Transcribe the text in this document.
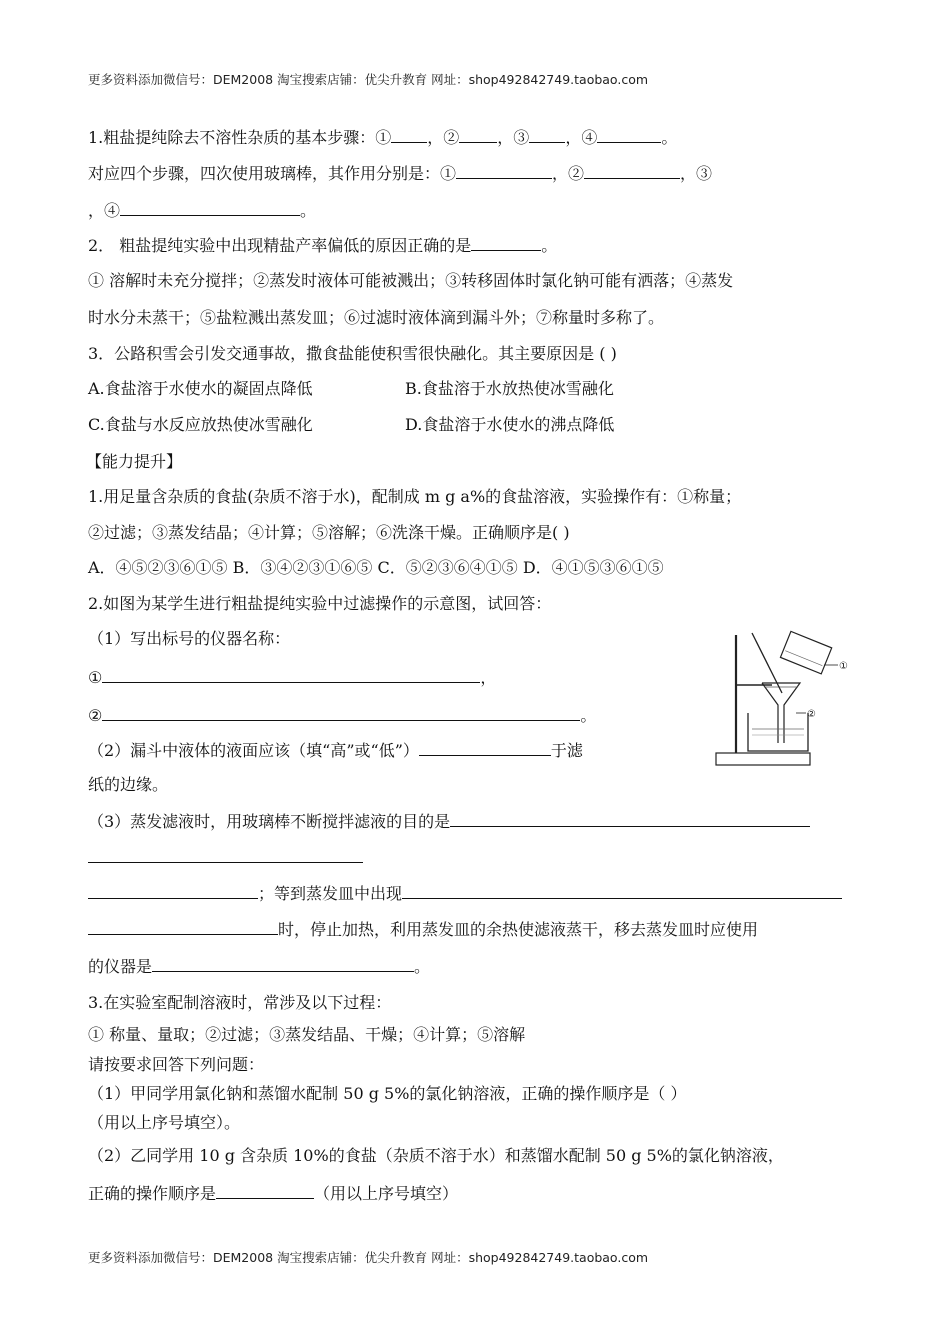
更多资料添加微信号：DEM2008 淘宝搜索店铺：优尖升教育 网址：shop492842749.taobao.com
1.粗盐提纯除去不溶性杂质的基本步骤：① ，② ，③ ，④	。
对应四个步骤，四次使用玻璃棒，其作用分别是：①	，②	，③
，④	。
2． 粗盐提纯实验中出现精盐产率偏低的原因正确的是	。
① 溶解时未充分搅拌；②蒸发时液体可能被溅出；③转移固体时氯化钠可能有洒落；④蒸发
时水分未蒸干；⑤盐粒溅出蒸发皿；⑥过滤时液体滴到漏斗外；⑦称量时多称了。
3．公路积雪会引发交通事故，撒食盐能使积雪很快融化。其主要原因是 ( )
A.食盐溶于水使水的凝固点降低	B.食盐溶于水放热使冰雪融化
C.食盐与水反应放热使冰雪融化	D.食盐溶于水使水的沸点降低
【能力提升】
1.用足量含杂质的食盐(杂质不溶于水)，配制成 m g a%的食盐溶液，实验操作有：①称量；
②过滤；③蒸发结晶；④计算；⑤溶解；⑥洗涤干燥。正确顺序是( )
A．④⑤②③⑥①⑤ B．③④②③①⑥⑤ C．⑤②③⑥④①⑤ D．④①⑤③⑥①⑤
2.如图为某学生进行粗盐提纯实验中过滤操作的示意图，试回答：
（1）写出标号的仪器名称：
①	，
②	。
（2）漏斗中液体的液面应该（填“高”或“低”）	于滤
纸的边缘。
（3）蒸发滤液时，用玻璃棒不断搅拌滤液的目的是
；等到蒸发皿中出现
时，停止加热，利用蒸发皿的余热使滤液蒸干，移去蒸发皿时应使用
的仪器是	。
①
②
3.在实验室配制溶液时，常涉及以下过程：
① 称量、量取；②过滤；③蒸发结晶、干燥；④计算；⑤溶解
请按要求回答下列问题：
（1）甲同学用氯化钠和蒸馏水配制 50 g 5%的氯化钠溶液，正确的操作顺序是（ ）
（用以上序号填空）。
（2）乙同学用 10 g 含杂质 10%的食盐（杂质不溶于水）和蒸馏水配制 50 g 5%的氯化钠溶液，
正确的操作顺序是	（用以上序号填空）
更多资料添加微信号：DEM2008 淘宝搜索店铺：优尖升教育 网址：shop492842749.taobao.com
